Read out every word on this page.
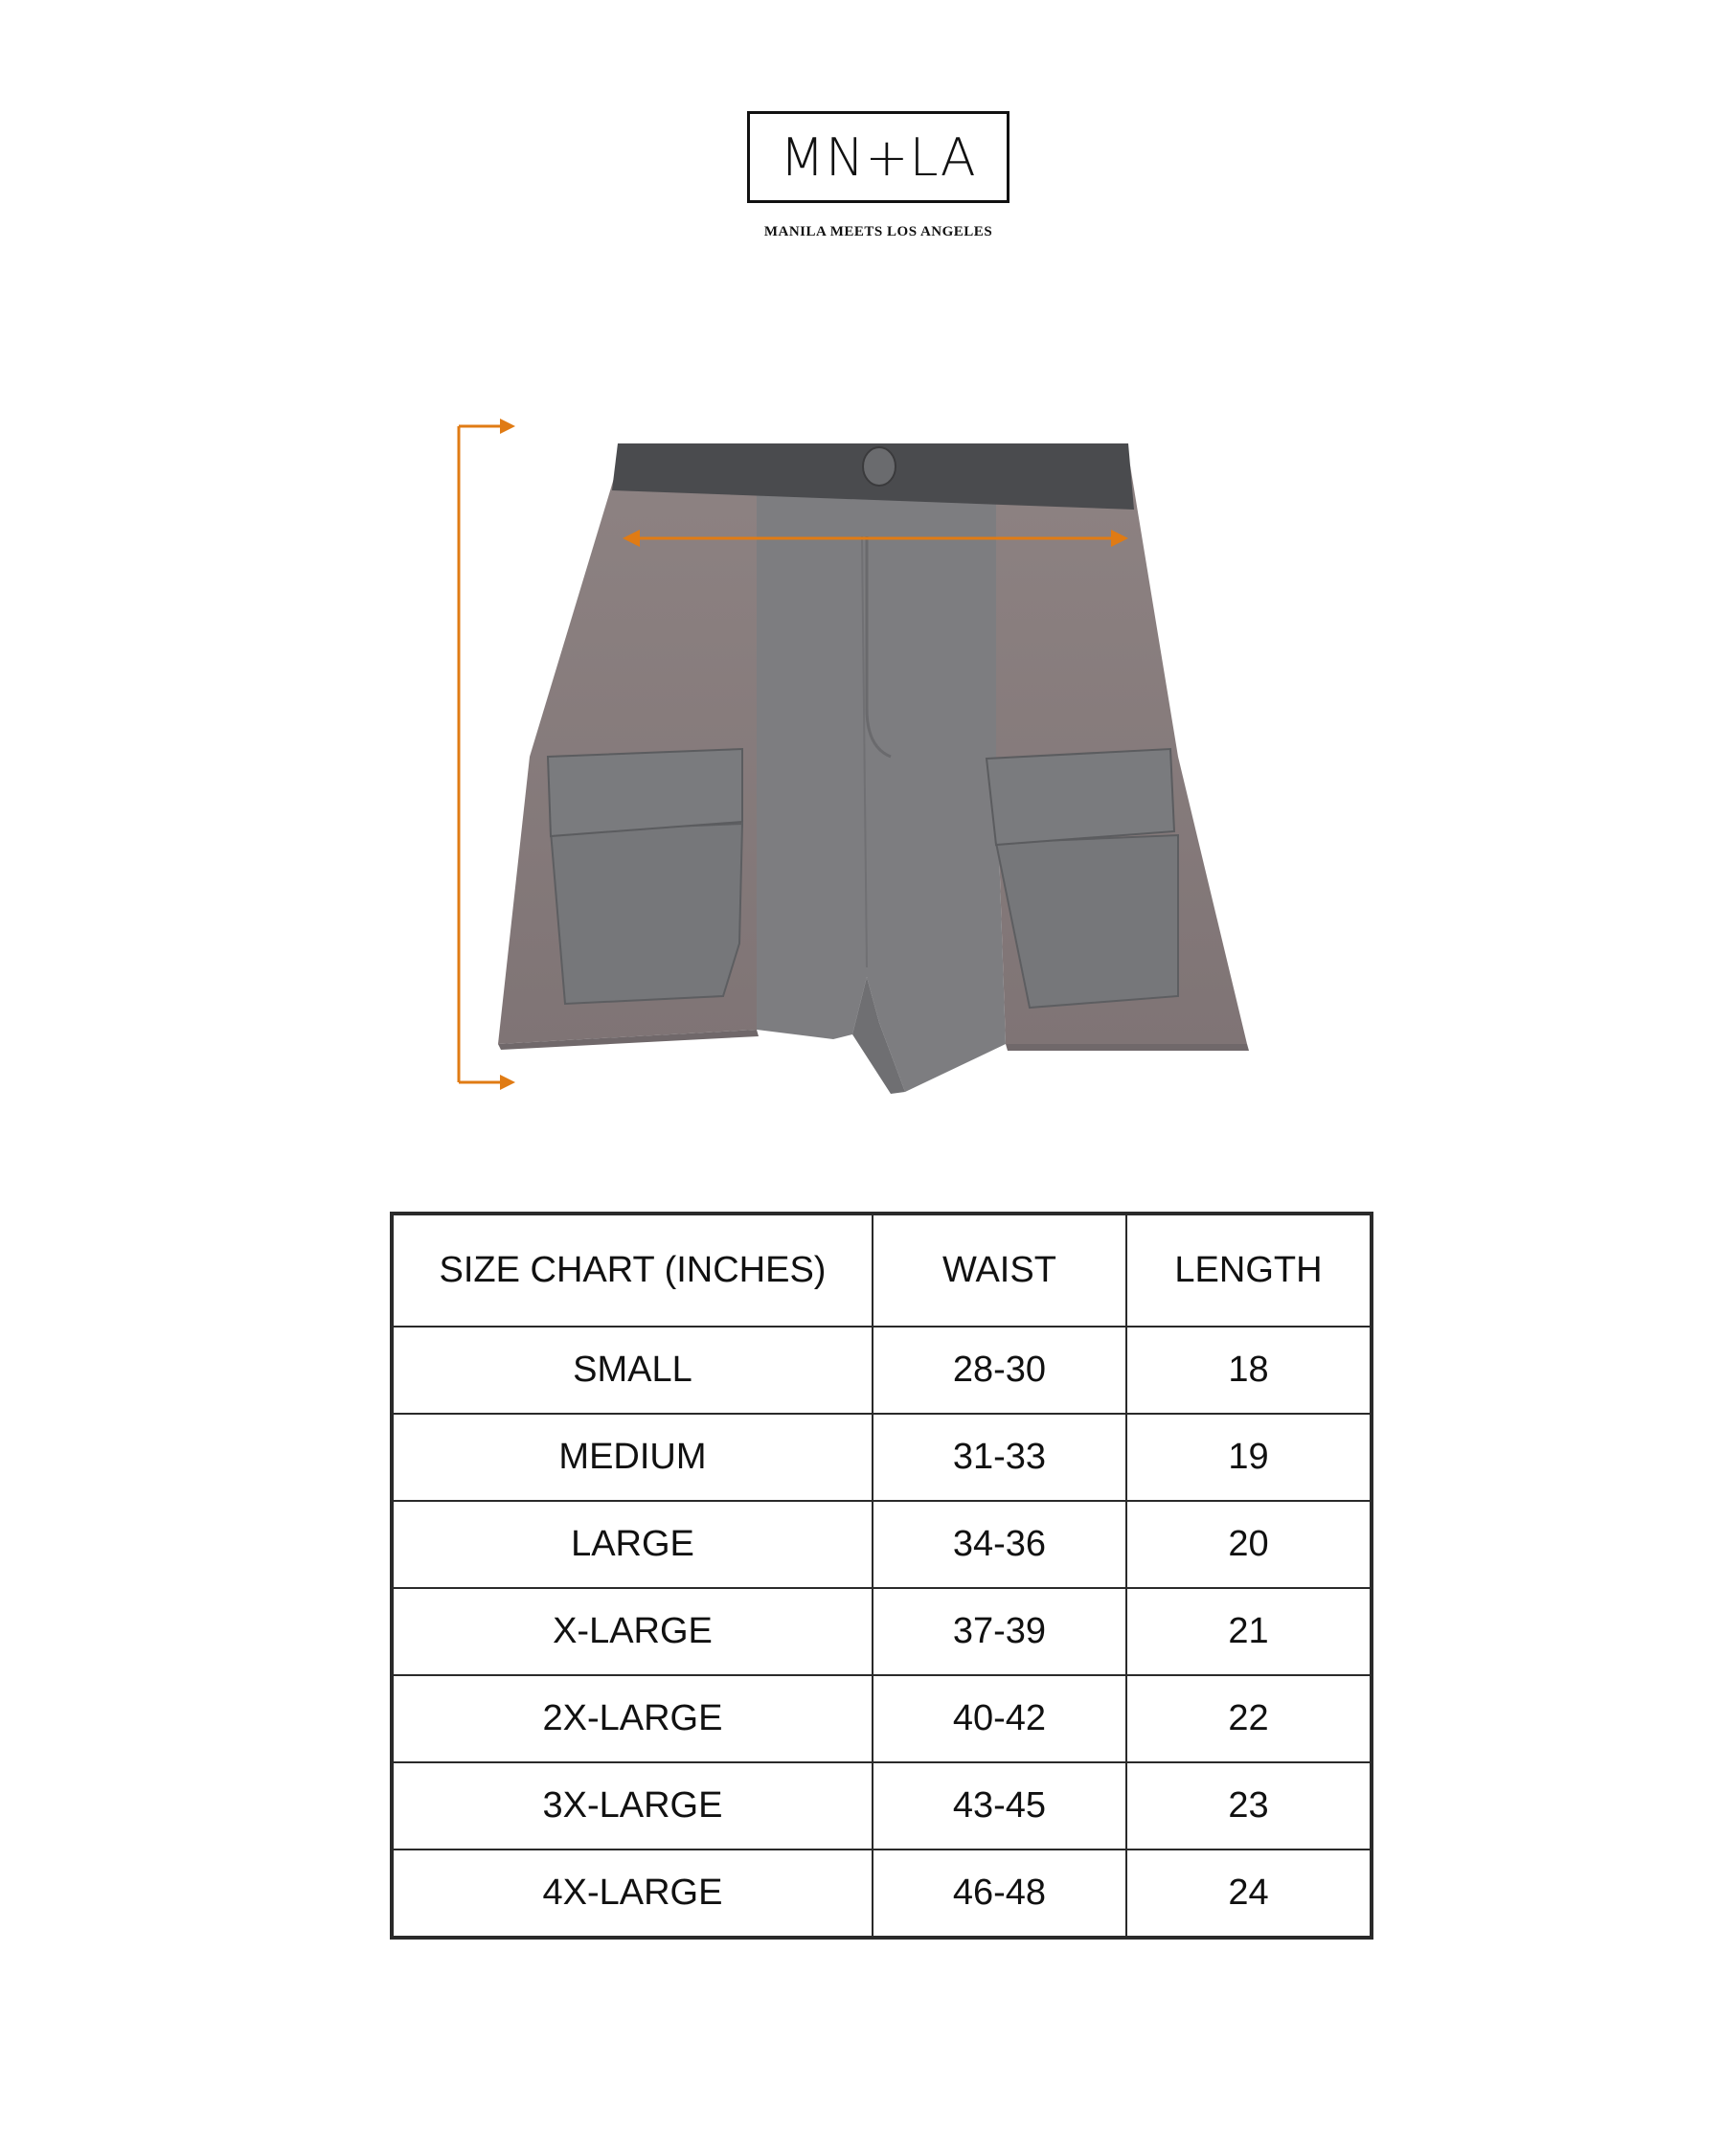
MN+LA
MANILA MEETS LOS ANGELES
SIZE CHART (INCHES)	WAIST	LENGTH
SMALL	28-30	18
MEDIUM	31-33	19
LARGE	34-36	20
X-LARGE	37-39	21
2X-LARGE	40-42	22
3X-LARGE	43-45	23
4X-LARGE	46-48	24
